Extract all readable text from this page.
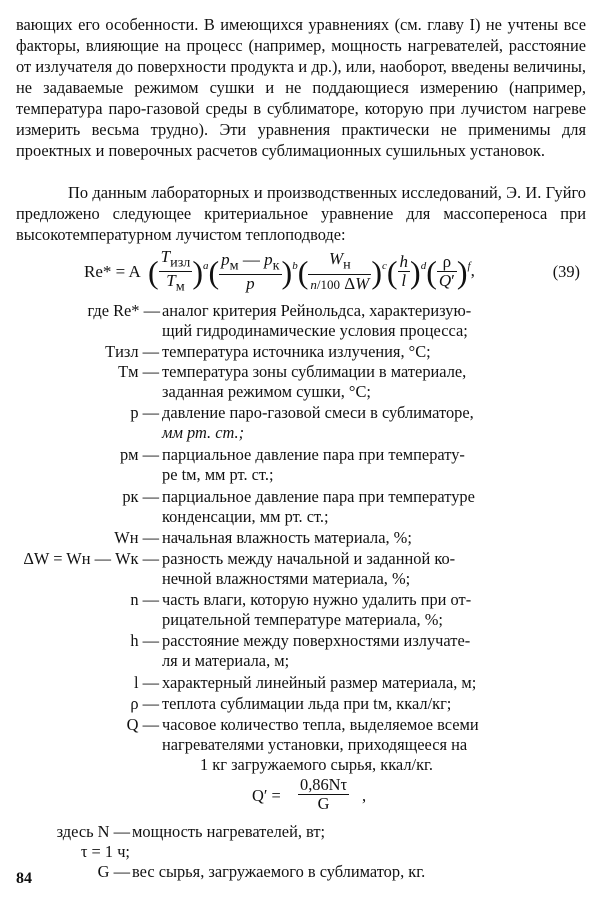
вающих его особенности. В имеющихся уравнениях (см. главу I) не учтены все факторы, влияющие на процесс (например, мощность нагревателей, расстояние от излучателя до поверхности продукта и др.), или, наоборот, введены величины, не задаваемые режимом сушки и не поддающиеся измерению (например, температура паро-газовой среды в сублиматоре, которую при лучистом нагреве измерить весьма трудно). Эти уравнения практически не применимы для проектных и поверочных расчетов сублимационных сушильных установок.
По данным лабораторных и производственных исследований, Э. И. Гуйго предложено следующее критериальное уравнение для массопереноса при высокотемпературном лучистом теплоподводе:
Re* = A ( $\frac{T_{изл}}{T_м} )^a( \frac{p_м — p_к}{p} )^b( \frac{W_н}{n/100 \Delta W} )^c( \frac{h}{l} )^d( \frac{\rho}{Q'} )^f$,	(39)
где Re* — аналог критерия Рейнольдса, характеризую-
щий гидродинамические условия процесса;
Tизл — температура источника излучения, °C;
Tм — температура зоны сублимации в материале,
заданная режимом сушки, °C;
p — давление паро-газовой смеси в сублиматоре,
мм рт. ст.;
pм — парциальное давление пара при температу-
ре tм, мм рт. ст.;
pк — парциальное давление пара при температуре
конденсации, мм рт. ст.;
Wн — начальная влажность материала, %;
ΔW = Wн — Wк — разность между начальной и заданной ко-
нечной влажностями материала, %;
n — часть влаги, которую нужно удалить при от-
рицательной температуре материала, %;
h — расстояние между поверхностями излучате-
ля и материала, м;
l — характерный линейный размер материала, м;
ρ — теплота сублимации льда при tм, ккал/кг;
Q — часовое количество тепла, выделяемое всеми
нагревателями установки, приходящееся на
1 кг загружаемого сырья, ккал/кг.
$Q' = \frac{0,86N\tau}{G}$ ,
здесь N — мощность нагревателей, вт;
τ = 1 ч;
G — вес сырья, загружаемого в сублиматор, кг.
84
